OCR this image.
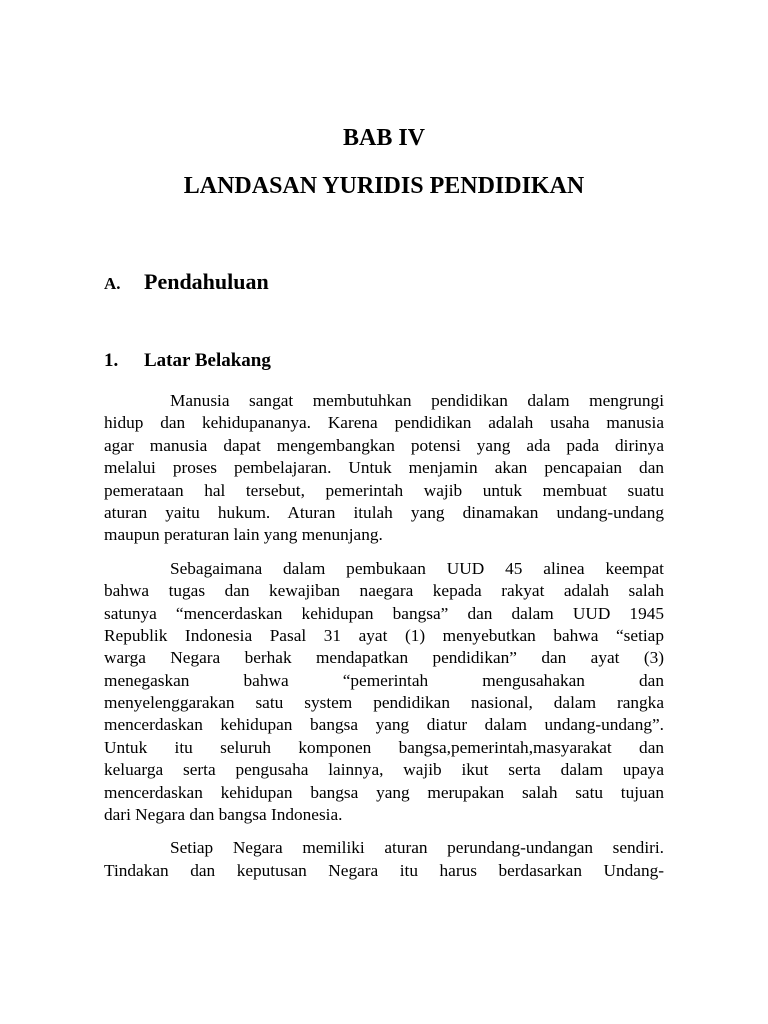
BAB IV
LANDASAN YURIDIS PENDIDIKAN
A. Pendahuluan
1. Latar Belakang
Manusia sangat membutuhkan pendidikan dalam mengrungi
hidup dan kehidupananya. Karena pendidikan adalah usaha manusia
agar manusia dapat mengembangkan potensi yang ada pada dirinya
melalui proses pembelajaran. Untuk menjamin akan pencapaian dan
pemerataan hal tersebut, pemerintah wajib untuk membuat suatu
aturan yaitu hukum. Aturan itulah yang dinamakan undang-undang
maupun peraturan lain yang menunjang.
Sebagaimana dalam pembukaan UUD 45 alinea keempat
bahwa tugas dan kewajiban naegara kepada rakyat adalah salah
satunya “mencerdaskan kehidupan bangsa” dan dalam UUD 1945
Republik Indonesia Pasal 31 ayat (1) menyebutkan bahwa “setiap
warga Negara berhak mendapatkan pendidikan” dan ayat (3)
menegaskan bahwa “pemerintah mengusahakan dan
menyelenggarakan satu system pendidikan nasional, dalam rangka
mencerdaskan kehidupan bangsa yang diatur dalam undang-undang”.
Untuk itu seluruh komponen bangsa,pemerintah,masyarakat dan
keluarga serta pengusaha lainnya, wajib ikut serta dalam upaya
mencerdaskan kehidupan bangsa yang merupakan salah satu tujuan
dari Negara dan bangsa Indonesia.
Setiap Negara memiliki aturan perundang-undangan sendiri.
Tindakan dan keputusan Negara itu harus berdasarkan Undang-
